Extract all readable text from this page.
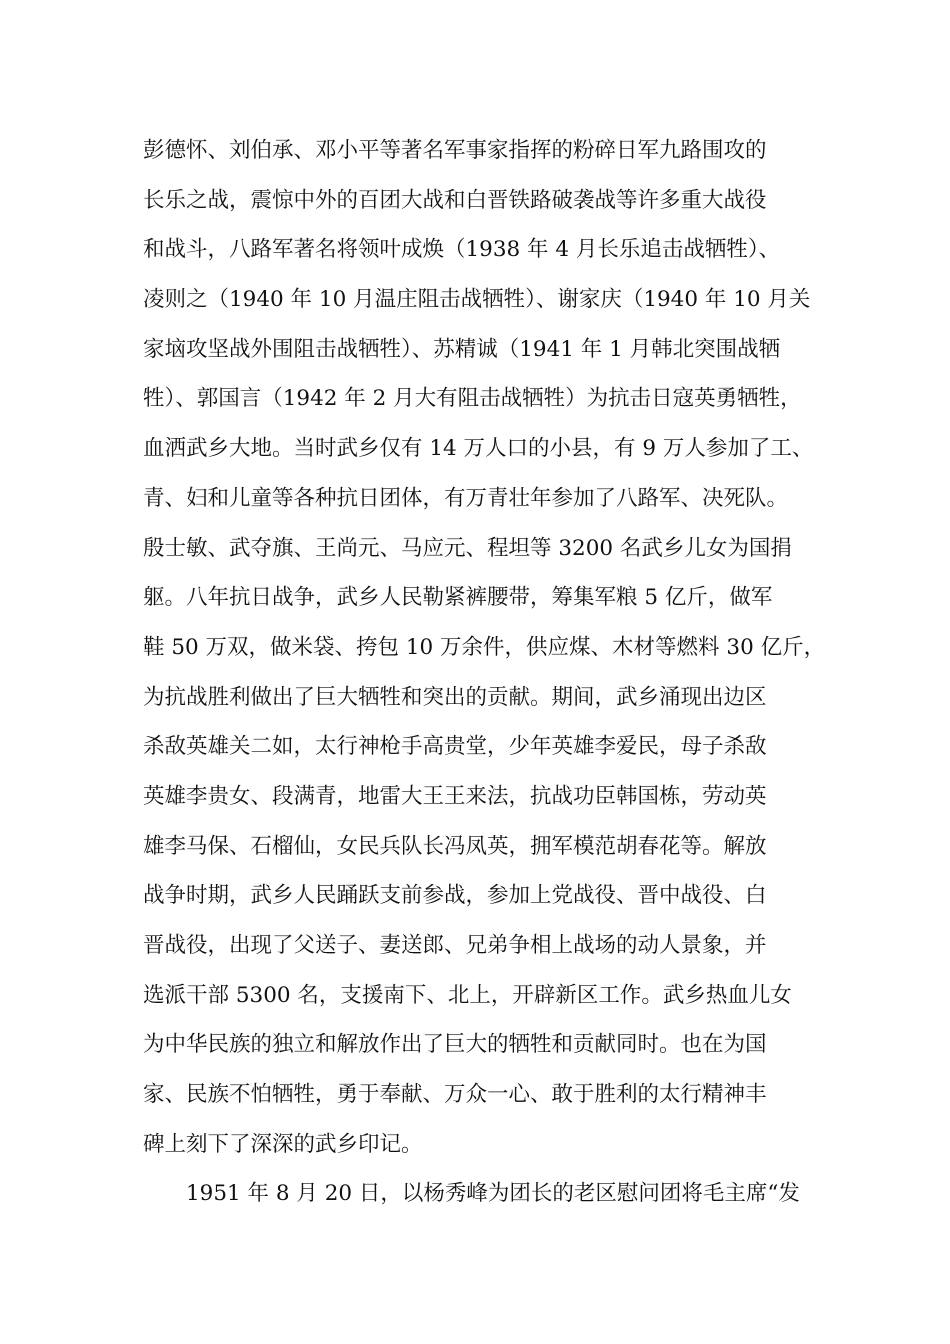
彭德怀、刘伯承、邓小平等著名军事家指挥的粉碎日军九路围攻的
长乐之战，震惊中外的百团大战和白晋铁路破袭战等许多重大战役
和战斗，八路军著名将领叶成焕（1938 年 4 月长乐追击战牺牲）、
凌则之（1940 年 10 月温庄阻击战牺牲）、谢家庆（1940 年 10 月关
家垴攻坚战外围阻击战牺牲）、苏精诚（1941 年 1 月韩北突围战牺
牲）、郭国言（1942 年 2 月大有阻击战牺牲）为抗击日寇英勇牺牲，
血洒武乡大地。当时武乡仅有 14 万人口的小县，有 9 万人参加了工、
青、妇和儿童等各种抗日团体，有万青壮年参加了八路军、决死队。
殷士敏、武夺旗、王尚元、马应元、程坦等 3200 名武乡儿女为国捐
躯。八年抗日战争，武乡人民勒紧裤腰带，筹集军粮 5 亿斤，做军
鞋 50 万双，做米袋、挎包 10 万余件，供应煤、木材等燃料 30 亿斤，
为抗战胜利做出了巨大牺牲和突出的贡献。期间，武乡涌现出边区
杀敌英雄关二如，太行神枪手高贵堂，少年英雄李爱民，母子杀敌
英雄李贵女、段满青，地雷大王王来法，抗战功臣韩国栋，劳动英
雄李马保、石榴仙，女民兵队长冯凤英，拥军模范胡春花等。解放
战争时期，武乡人民踊跃支前参战，参加上党战役、晋中战役、白
晋战役，出现了父送子、妻送郎、兄弟争相上战场的动人景象，并
选派干部 5300 名，支援南下、北上，开辟新区工作。武乡热血儿女
为中华民族的独立和解放作出了巨大的牺牲和贡献同时。也在为国
家、民族不怕牺牲，勇于奉献、万众一心、敢于胜利的太行精神丰
碑上刻下了深深的武乡印记。
1951 年 8 月 20 日，以杨秀峰为团长的老区慰问团将毛主席“发
